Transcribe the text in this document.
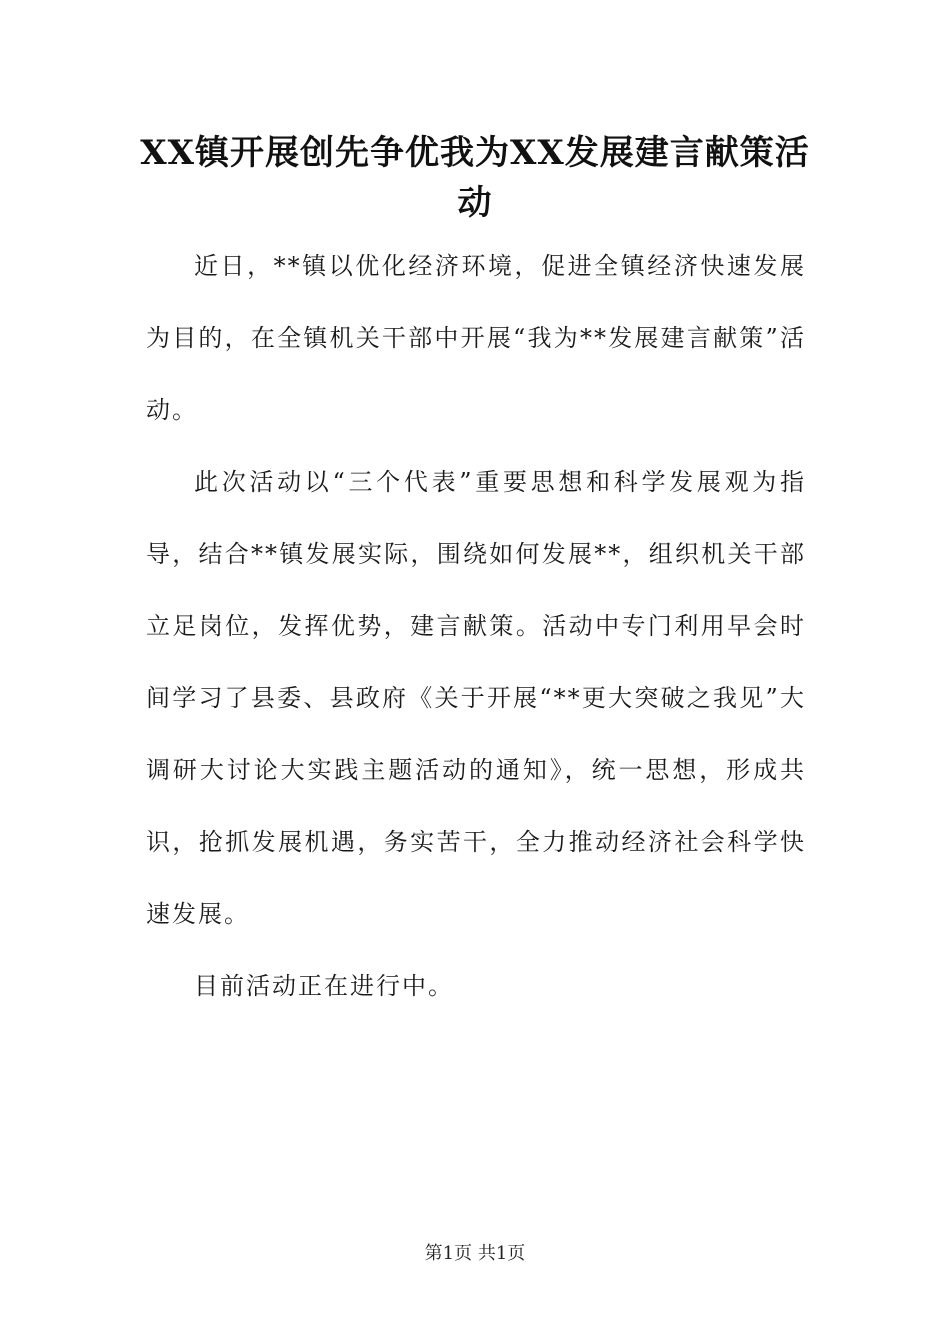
XX镇开展创先争优我为XX发展建言献策活动

近日，**镇以优化经济环境，促进全镇经济快速发展为目的，在全镇机关干部中开展“我为**发展建言献策”活动。

此次活动以“三个代表”重要思想和科学发展观为指导，结合**镇发展实际，围绕如何发展**，组织机关干部立足岗位，发挥优势，建言献策。活动中专门利用早会时间学习了县委、县政府《关于开展“**更大突破之我见”大调研大讨论大实践主题活动的通知》，统一思想，形成共识，抢抓发展机遇，务实苦干，全力推动经济社会科学快速发展。

目前活动正在进行中。

第1页 共1页
